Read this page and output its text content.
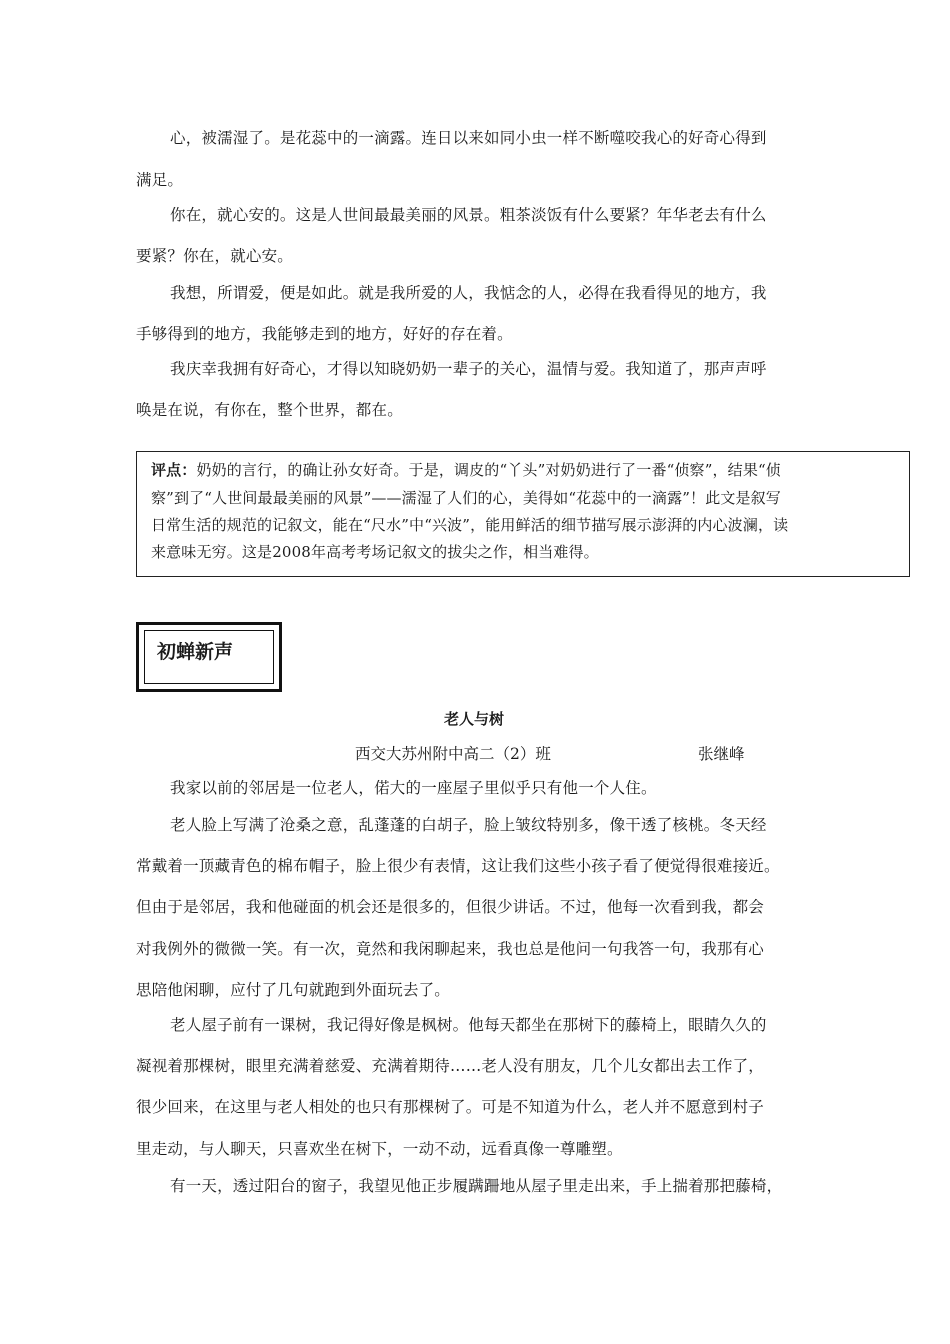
心，被濡湿了。是花蕊中的一滴露。连日以来如同小虫一样不断噬咬我心的好奇心得到
满足。
你在，就心安的。这是人世间最最美丽的风景。粗茶淡饭有什么要紧？年华老去有什么
要紧？你在，就心安。
我想，所谓爱，便是如此。就是我所爱的人，我惦念的人，必得在我看得见的地方，我
手够得到的地方，我能够走到的地方，好好的存在着。
我庆幸我拥有好奇心，才得以知晓奶奶一辈子的关心，温情与爱。我知道了，那声声呼
唤是在说，有你在，整个世界，都在。
评点：奶奶的言行，的确让孙女好奇。于是，调皮的“丫头”对奶奶进行了一番“侦察”，结果“侦
察”到了“人世间最最美丽的风景”——濡湿了人们的心，美得如“花蕊中的一滴露”！此文是叙写
日常生活的规范的记叙文，能在“尺水”中“兴波”，能用鲜活的细节描写展示澎湃的内心波澜，读
来意味无穷。这是2008年高考考场记叙文的拔尖之作，相当难得。
初蝉新声
老人与树
西交大苏州附中高二（2）班	张继峰
我家以前的邻居是一位老人，偌大的一座屋子里似乎只有他一个人住。
老人脸上写满了沧桑之意，乱蓬蓬的白胡子，脸上皱纹特别多，像干透了核桃。冬天经
常戴着一顶藏青色的棉布帽子，脸上很少有表情，这让我们这些小孩子看了便觉得很难接近。
但由于是邻居，我和他碰面的机会还是很多的，但很少讲话。不过，他每一次看到我，都会
对我例外的微微一笑。有一次，竟然和我闲聊起来，我也总是他问一句我答一句，我那有心
思陪他闲聊，应付了几句就跑到外面玩去了。
老人屋子前有一课树，我记得好像是枫树。他每天都坐在那树下的藤椅上，眼睛久久的
凝视着那棵树，眼里充满着慈爱、充满着期待……老人没有朋友，几个儿女都出去工作了，
很少回来，在这里与老人相处的也只有那棵树了。可是不知道为什么，老人并不愿意到村子
里走动，与人聊天，只喜欢坐在树下，一动不动，远看真像一尊雕塑。
有一天，透过阳台的窗子，我望见他正步履蹒跚地从屋子里走出来，手上揣着那把藤椅，
